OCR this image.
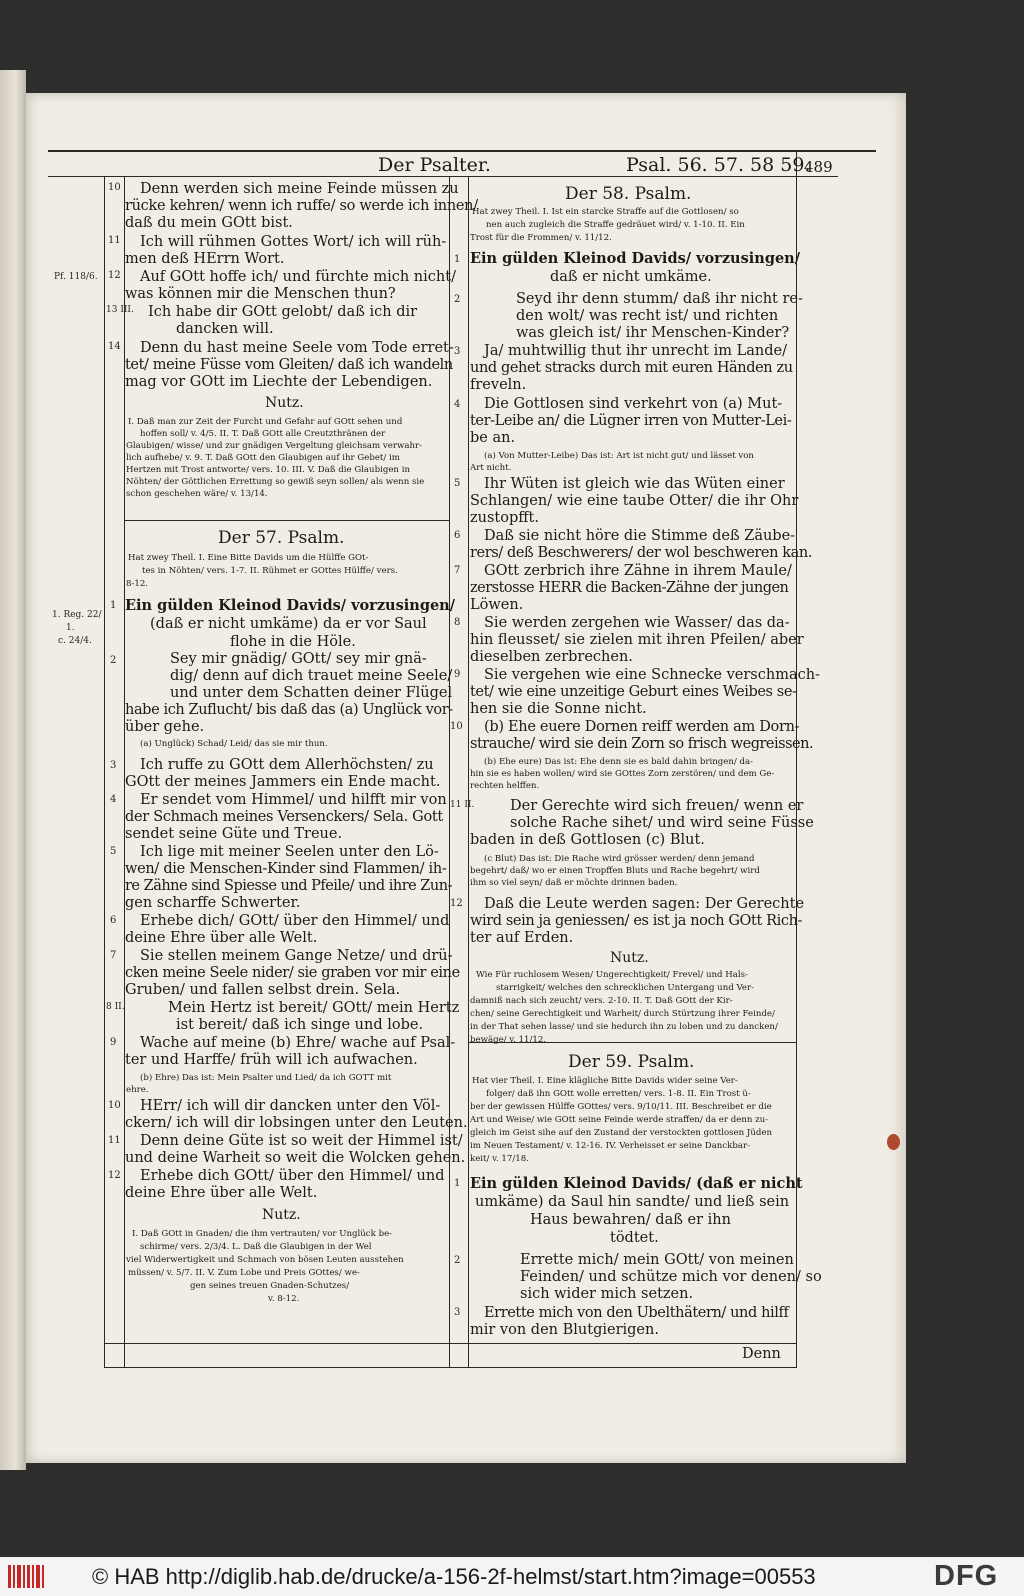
Der Psalter.	Psal. 56. 57. 58 59.
489
Pf. 118/6.
1. Reg. 22/
1.
c. 24/4.
10 Denn werden sich meine Feinde müssen zu
rücke kehren/ wenn ich ruffe/ so werde ich innen/
daß du mein GOtt bist.
11 Ich will rühmen Gottes Wort/ ich will rüh-
men deß HErrn Wort.
12 Auf GOtt hoffe ich/ und fürchte mich nicht/
was können mir die Menschen thun?
13 III. Ich habe dir GOtt gelobt/ daß ich dir
dancken will.
14 Denn du hast meine Seele vom Tode erret-
tet/ meine Füsse vom Gleiten/ daß ich wandeln
mag vor GOtt im Liechte der Lebendigen.
Nutz.
I. Daß man zur Zeit der Furcht und Gefahr auf GOtt sehen und
hoffen soll/ v. 4/5. II. T. Daß GOtt alle Creutzthränen der
Glaubigen/ wisse/ und zur gnädigen Vergeltung gleichsam verwahr-
lich aufhebe/ v. 9. T. Daß GOtt den Glaubigen auf ihr Gebet/ im
Hertzen mit Trost antworte/ vers. 10. III. V. Daß die Glaubigen in
Nöhten/ der Göttlichen Errettung so gewiß seyn sollen/ als wenn sie
schon geschehen wäre/ v. 13/14.
Der 57. Psalm.
Hat zwey Theil. I. Eine Bitte Davids um die Hülffe GOt-
tes in Nöhten/ vers. 1-7. II. Rühmet er GOttes Hülffe/ vers.
8-12.
1 Ein gülden Kleinod Davids/ vorzusingen/
(daß er nicht umkäme) da er vor Saul
flohe in die Höle.
2	Sey mir gnädig/ GOtt/ sey mir gnä-
dig/ denn auf dich trauet meine Seele/
und unter dem Schatten deiner Flügel
habe ich Zuflucht/ bis daß das (a) Unglück vor-
über gehe.
(a) Unglück) Schad/ Leid/ das sie mir thun.
3 Ich ruffe zu GOtt dem Allerhöchsten/ zu
GOtt der meines Jammers ein Ende macht.
4 Er sendet vom Himmel/ und hilfft mir von
der Schmach meines Versenckers/ Sela. Gott
sendet seine Güte und Treue.
5 Ich lige mit meiner Seelen unter den Lö-
wen/ die Menschen-Kinder sind Flammen/ ih-
re Zähne sind Spiesse und Pfeile/ und ihre Zun-
gen scharffe Schwerter.
6 Erhebe dich/ GOtt/ über den Himmel/ und
deine Ehre über alle Welt.
7 Sie stellen meinem Gange Netze/ und drü-
cken meine Seele nider/ sie graben vor mir eine
Gruben/ und fallen selbst drein. Sela.
8 II.	Mein Hertz ist bereit/ GOtt/ mein Hertz
ist bereit/ daß ich singe und lobe.
9 Wache auf meine (b) Ehre/ wache auf Psal-
ter und Harffe/ früh will ich aufwachen.
(b) Ehre) Das ist: Mein Psalter und Lied/ da ich GOTT mit
ehre.
10 HErr/ ich will dir dancken unter den Völ-
ckern/ ich will dir lobsingen unter den Leuten.
11 Denn deine Güte ist so weit der Himmel ist/
und deine Warheit so weit die Wolcken gehen.
12 Erhebe dich GOtt/ über den Himmel/ und
deine Ehre über alle Welt.
Nutz.
I. Daß GOtt in Gnaden/ die ihm vertrauten/ vor Unglück be-
schirme/ vers. 2/3/4. L. Daß die Glaubigen in der Wel
viel Widerwertigkeit und Schmach von bösen Leuten ausstehen
müssen/ v. 5/7. II. V. Zum Lobe und Preis GOttes/ we-
gen seines treuen Gnaden-Schutzes/
v. 8-12.
Der 58. Psalm.
Hat zwey Theil. I. Ist ein starcke Straffe auf die Gottlosen/ so
nen auch zugleich die Straffe gedräuet wird/ v. 1-10. II. Ein
Trost für die Frommen/ v. 11/12.
1 Ein gülden Kleinod Davids/ vorzusingen/
daß er nicht umkäme.
2	Seyd ihr denn stumm/ daß ihr nicht re-
den wolt/ was recht ist/ und richten
was gleich ist/ ihr Menschen-Kinder?
3 Ja/ muhtwillig thut ihr unrecht im Lande/
und gehet stracks durch mit euren Händen zu
freveln.
4 Die Gottlosen sind verkehrt von (a) Mut-
ter-Leibe an/ die Lügner irren von Mutter-Lei-
be an.
(a) Von Mutter-Leibe) Das ist: Art ist nicht gut/ und lässet von
Art nicht.
5 Ihr Wüten ist gleich wie das Wüten einer
Schlangen/ wie eine taube Otter/ die ihr Ohr
zustopfft.
6 Daß sie nicht höre die Stimme deß Zäube-
rers/ deß Beschwerers/ der wol beschweren kan.
7 GOtt zerbrich ihre Zähne in ihrem Maule/
zerstosse HERR die Backen-Zähne der jungen
Löwen.
8 Sie werden zergehen wie Wasser/ das da-
hin fleusset/ sie zielen mit ihren Pfeilen/ aber
dieselben zerbrechen.
9 Sie vergehen wie eine Schnecke verschmach-
tet/ wie eine unzeitige Geburt eines Weibes se-
hen sie die Sonne nicht.
10 (b) Ehe euere Dornen reiff werden am Dorn-
strauche/ wird sie dein Zorn so frisch wegreissen.
(b) Ehe eure) Das ist: Ehe denn sie es bald dahin bringen/ da-
hin sie es haben wollen/ wird sie GOttes Zorn zerstören/ und dem Ge-
rechten helffen.
11 II. Der Gerechte wird sich freuen/ wenn er
solche Rache sihet/ und wird seine Füsse
baden in deß Gottlosen (c) Blut.
(c Blut) Das ist: Die Rache wird grösser werden/ denn jemand
begehrt/ daß/ wo er einen Tropffen Bluts und Rache begehrt/ wird
ihm so viel seyn/ daß er möchte drinnen baden.
12 Daß die Leute werden sagen: Der Gerechte
wird sein ja geniessen/ es ist ja noch GOtt Rich-
ter auf Erden.
Nutz.
Wie Für ruchlosem Wesen/ Ungerechtigkeit/ Frevel/ und Hals-
starrigkeit/ welches den schrecklichen Untergang und Ver-
damniß nach sich zeucht/ vers. 2-10. II. T. Daß GOtt der Kir-
chen/ seine Gerechtigkeit und Warheit/ durch Stürtzung ihrer Feinde/
in der That sehen lasse/ und sie hedurch ihn zu loben und zu dancken/
bewäge/ v. 11/12.
Der 59. Psalm.
Hat vier Theil. I. Eine klägliche Bitte Davids wider seine Ver-
folger/ daß ihn GOtt wolle erretten/ vers. 1-8. II. Ein Trost ü-
ber der gewissen Hülffe GOttes/ vers. 9/10/11. III. Beschreibet er die
Art und Weise/ wie GOtt seine Feinde werde straffen/ da er denn zu-
gleich im Geist sihe auf den Zustand der verstockten gottlosen Jüden
im Neuen Testament/ v. 12-16. IV. Verheisset er seine Danckbar-
keit/ v. 17/18.
1 Ein gülden Kleinod Davids/ (daß er nicht
umkäme) da Saul hin sandte/ und ließ sein
Haus bewahren/ daß er ihn
tödtet.
2	Errette mich/ mein GOtt/ von meinen
Feinden/ und schütze mich vor denen/ so
sich wider mich setzen.
3 Errette mich von den Ubelthätern/ und hilff
mir von den Blutgierigen.
Denn
© HAB http://diglib.hab.de/drucke/a-156-2f-helmst/start.htm?image=00553	DFG
